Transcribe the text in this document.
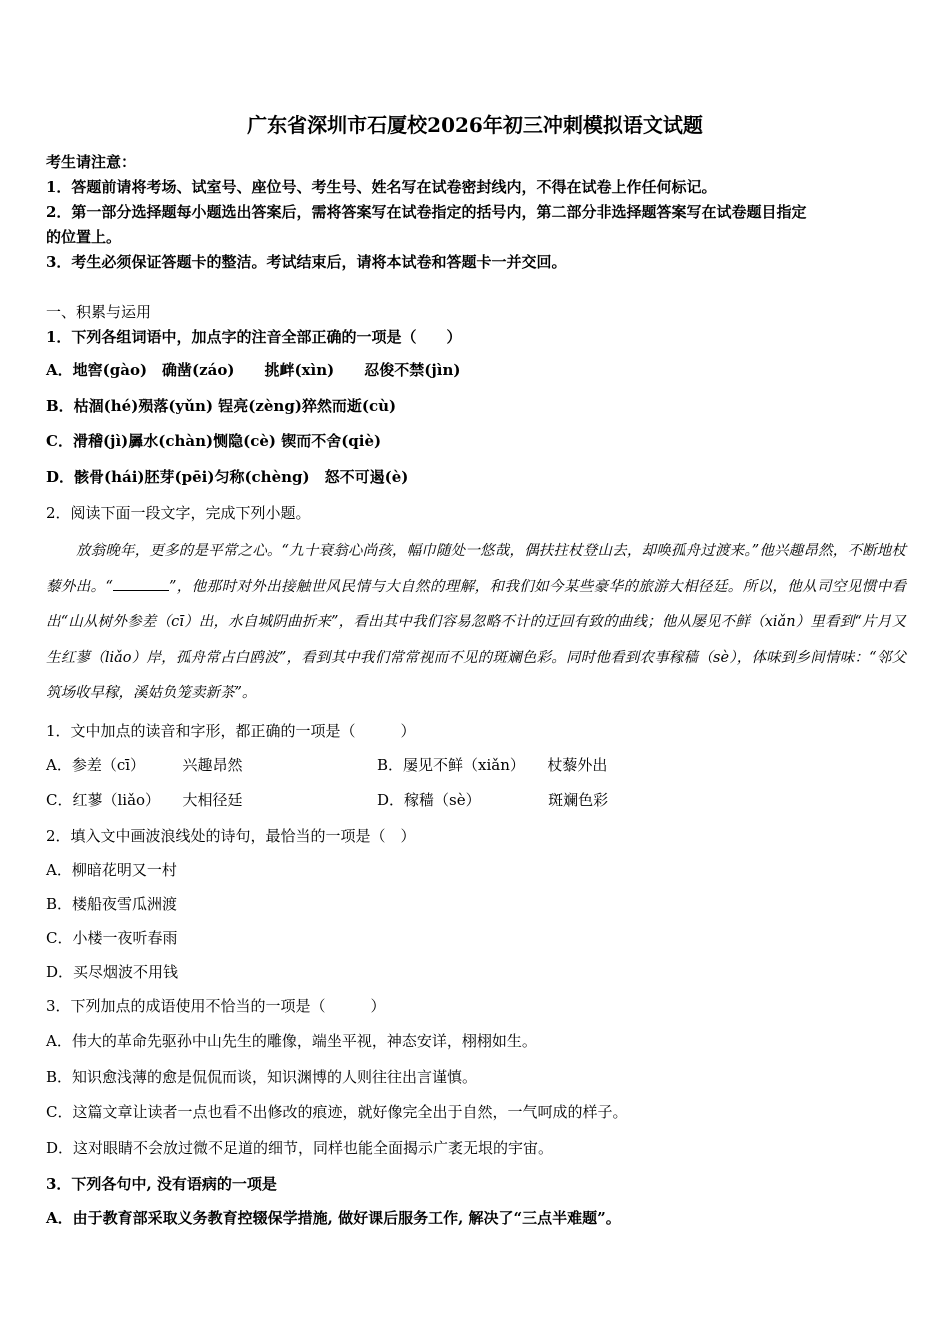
广东省深圳市石厦校2026年初三冲刺模拟语文试题
考生请注意：
1．答题前请将考场、试室号、座位号、考生号、姓名写在试卷密封线内，不得在试卷上作任何标记。
2．第一部分选择题每小题选出答案后，需将答案写在试卷指定的括号内，第二部分非选择题答案写在试卷题目指定
的位置上。
3．考生必须保证答题卡的整洁。考试结束后，请将本试卷和答题卡一并交回。
一、积累与运用
1．下列各组词语中，加点字的注音全部正确的一项是（　　）
A．地窖(gào)　确凿(záo)　　挑衅(xìn)　　忍俊不禁(jìn)
B．枯涸(hé)殒落(yǔn) 锃亮(zèng)猝然而逝(cù)
C．滑稽(jì)羼水(chàn)恻隐(cè) 锲而不舍(qiè)
D．骸骨(hái)胚芽(pēi)匀称(chèng)　怒不可遏(è)
2．阅读下面一段文字，完成下列小题。
放翁晚年，更多的是平常之心。“九十衰翁心尚孩，幅巾随处一悠哉，偶扶拄杖登山去，却唤孤舟过渡来。”他兴趣昂然，不断地杖藜外出。“	”，他那时对外出接触世风民情与大自然的理解，和我们如今某些豪华的旅游大相径廷。所以，他从司空见惯中看出“山从树外参差（cī）出，水自城阴曲折来”，看出其中我们容易忽略不计的迂回有致的曲线；他从屡见不鲜（xiǎn）里看到“片月又生红蓼（liǎo）岸，孤舟常占白鸥波”，看到其中我们常常视而不见的斑斓色彩。同时他看到农事稼穑（sè），体味到乡间情味：“邻父筑场收早稼，溪姑负笼卖新茶”。
1．文中加点的读音和字形，都正确的一项是（　　　）
A．参差（cī）　　　兴趣昂然	B．屡见不鲜（xiǎn）　　杖藜外出
C．红蓼（liǎo）　　大相径廷	D．稼穑（sè）　　　　　斑斓色彩
2．填入文中画波浪线处的诗句，最恰当的一项是（　）
A．柳暗花明又一村
B．楼船夜雪瓜洲渡
C．小楼一夜听春雨
D．买尽烟波不用钱
3．下列加点的成语使用不恰当的一项是（　　　）
A．伟大的革命先驱孙中山先生的雕像，端坐平视，神态安详，栩栩如生。
B．知识愈浅薄的愈是侃侃而谈，知识渊博的人则往往出言谨慎。
C．这篇文章让读者一点也看不出修改的痕迹，就好像完全出于自然，一气呵成的样子。
D．这对眼睛不会放过微不足道的细节，同样也能全面揭示广袤无垠的宇宙。
3．下列各句中, 没有语病的一项是
A．由于教育部采取义务教育控辍保学措施, 做好课后服务工作, 解决了“三点半难题”。
